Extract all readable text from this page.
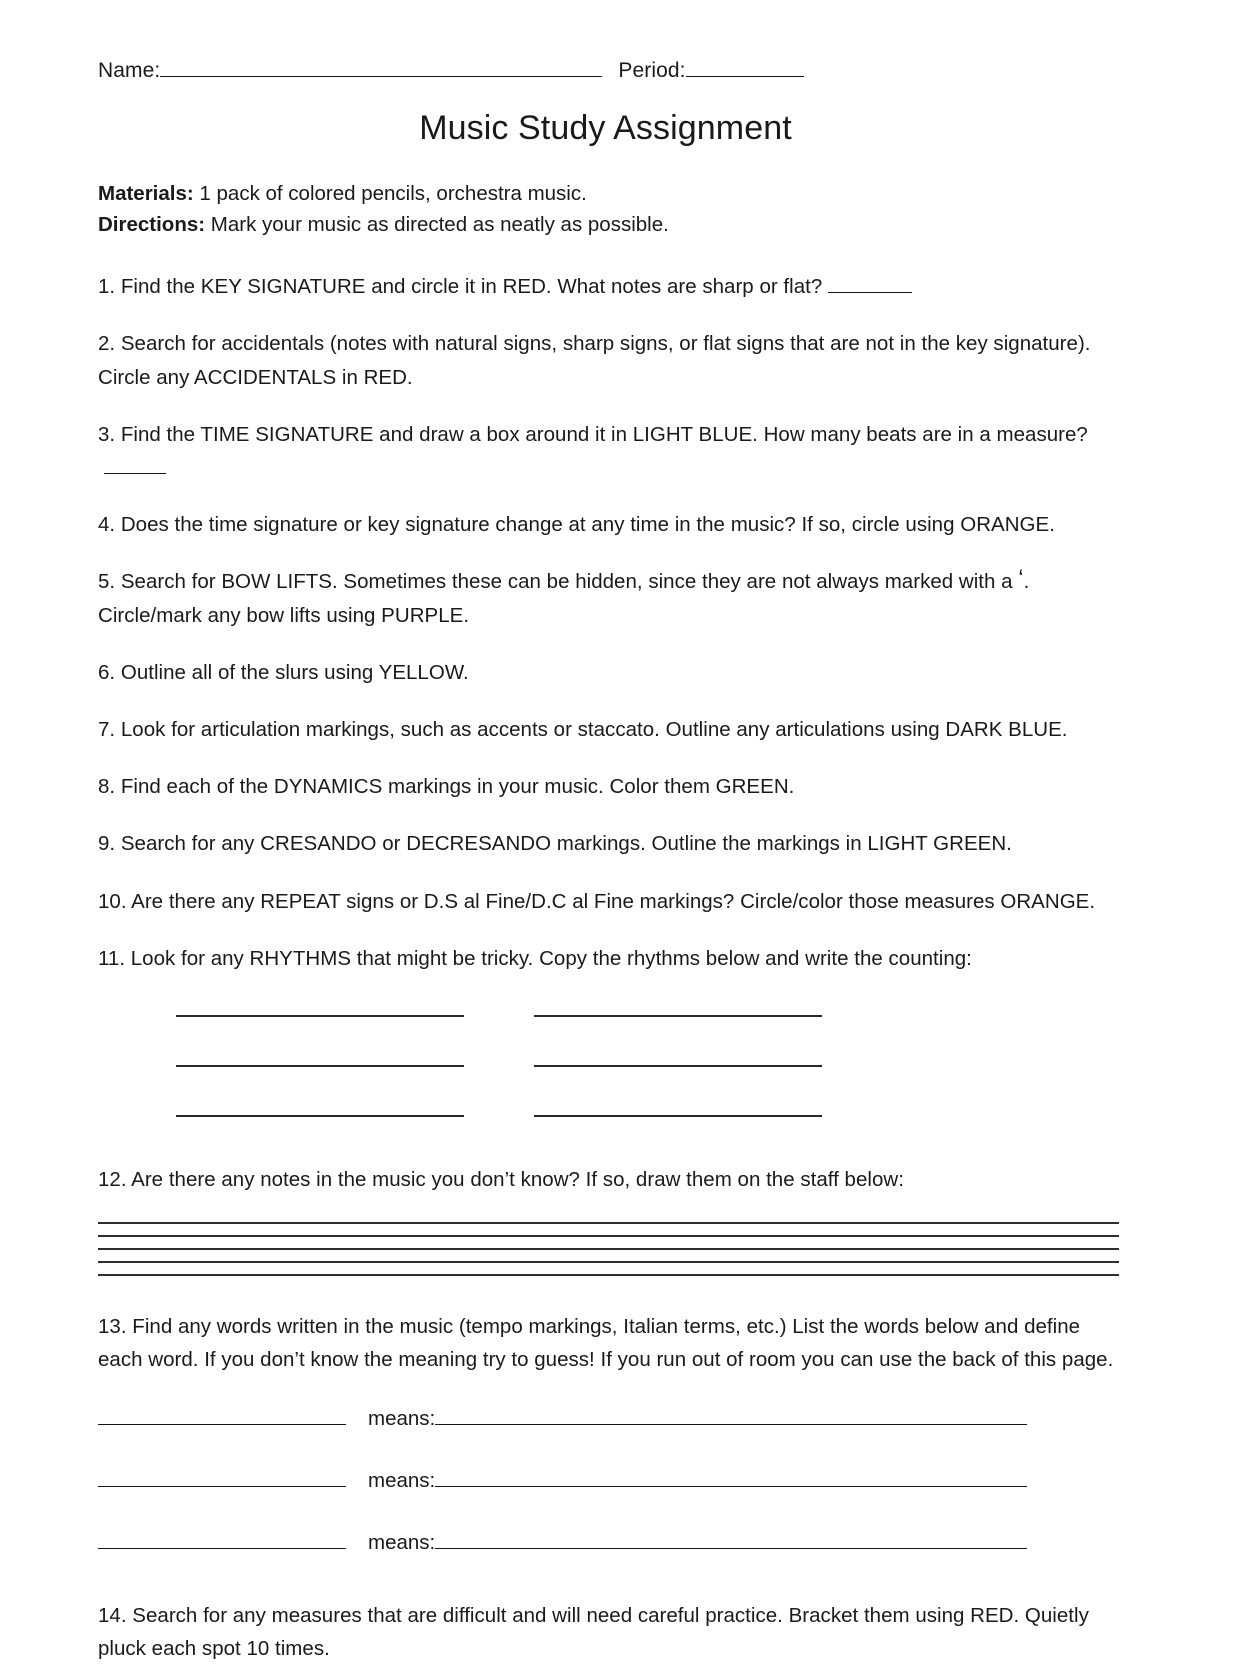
Name:	Period:
Music Study Assignment
Materials: 1 pack of colored pencils, orchestra music.
Directions: Mark your music as directed as neatly as possible.

1. Find the KEY SIGNATURE and circle it in RED. What notes are sharp or flat?

2. Search for accidentals (notes with natural signs, sharp signs, or flat signs that are not in the key signature). Circle any ACCIDENTALS in RED.

3. Find the TIME SIGNATURE and draw a box around it in LIGHT BLUE. How many beats are in a measure?

4. Does the time signature or key signature change at any time in the music? If so, circle using ORANGE.

5. Search for BOW LIFTS. Sometimes these can be hidden, since they are not always marked with a ‘. Circle/mark any bow lifts using PURPLE.

6. Outline all of the slurs using YELLOW.

7. Look for articulation markings, such as accents or staccato. Outline any articulations using DARK BLUE.

8. Find each of the DYNAMICS markings in your music. Color them GREEN.

9. Search for any CRESANDO or DECRESANDO markings. Outline the markings in LIGHT GREEN.

10. Are there any REPEAT signs or D.S al Fine/D.C al Fine markings? Circle/color those measures ORANGE.

11. Look for any RHYTHMS that might be tricky. Copy the rhythms below and write the counting:

12. Are there any notes in the music you don’t know? If so, draw them on the staff below:

13. Find any words written in the music (tempo markings, Italian terms, etc.) List the words below and define each word. If you don’t know the meaning try to guess! If you run out of room you can use the back of this page.

means:
means:
means:

14. Search for any measures that are difficult and will need careful practice. Bracket them using RED. Quietly pluck each spot 10 times.
